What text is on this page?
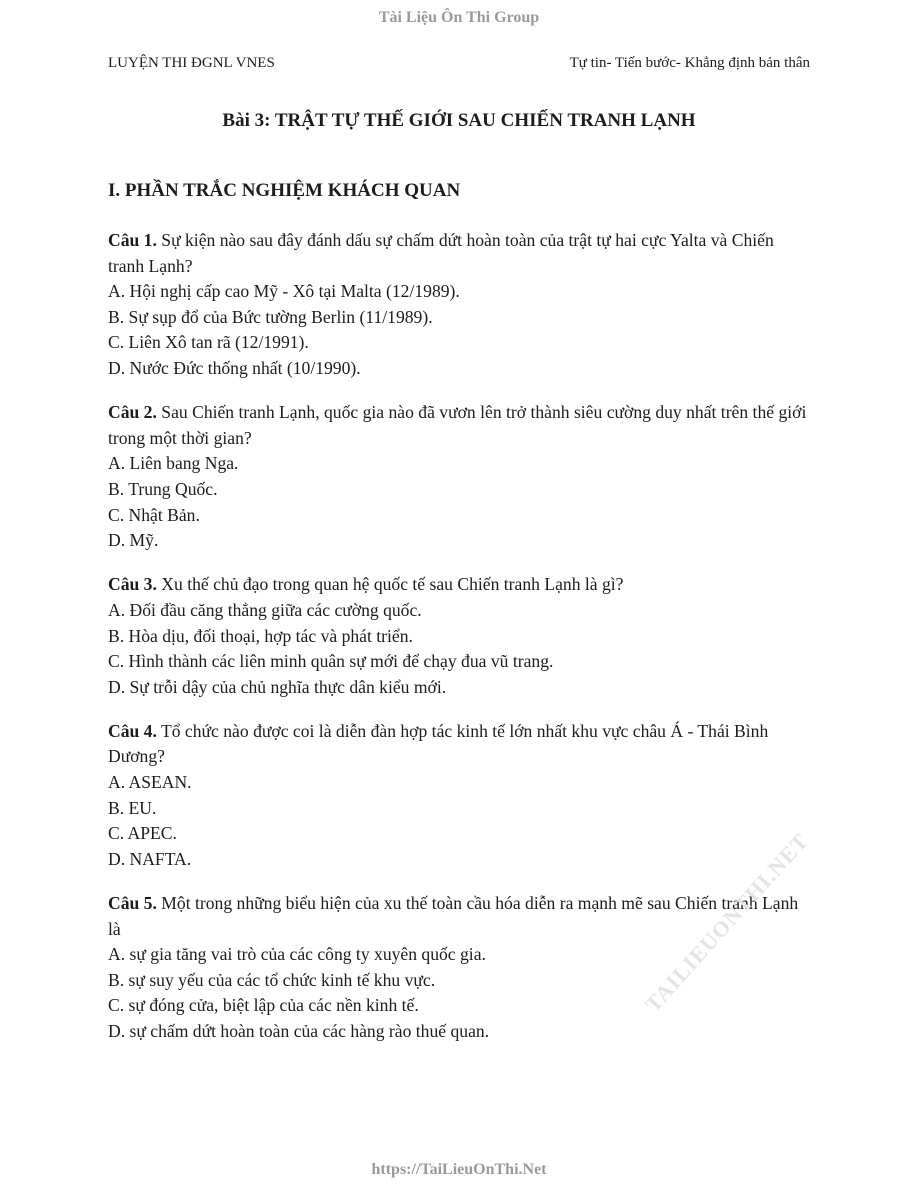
Tài Liệu Ôn Thi Group
LUYỆN THI ĐGNL VNES	Tự tin- Tiến bước- Khẳng định bản thân
Bài 3: TRẬT TỰ THẾ GIỚI SAU CHIẾN TRANH LẠNH
I. PHẦN TRẮC NGHIỆM KHÁCH QUAN

Câu 1. Sự kiện nào sau đây đánh dấu sự chấm dứt hoàn toàn của trật tự hai cực Yalta và Chiến tranh Lạnh?

A. Hội nghị cấp cao Mỹ - Xô tại Malta (12/1989).

B. Sự sụp đổ của Bức tường Berlin (11/1989).

C. Liên Xô tan rã (12/1991).

D. Nước Đức thống nhất (10/1990).

Câu 2. Sau Chiến tranh Lạnh, quốc gia nào đã vươn lên trở thành siêu cường duy nhất trên thế giới trong một thời gian?

A. Liên bang Nga.

B. Trung Quốc.

C. Nhật Bản.

D. Mỹ.

Câu 3. Xu thế chủ đạo trong quan hệ quốc tế sau Chiến tranh Lạnh là gì?

A. Đối đầu căng thẳng giữa các cường quốc.

B. Hòa dịu, đối thoại, hợp tác và phát triển.

C. Hình thành các liên minh quân sự mới để chạy đua vũ trang.

D. Sự trỗi dậy của chủ nghĩa thực dân kiểu mới.

Câu 4. Tổ chức nào được coi là diễn đàn hợp tác kinh tế lớn nhất khu vực châu Á - Thái Bình Dương?

A. ASEAN.

B. EU.

C. APEC.

D. NAFTA.

Câu 5. Một trong những biểu hiện của xu thế toàn cầu hóa diễn ra mạnh mẽ sau Chiến tranh Lạnh là

A. sự gia tăng vai trò của các công ty xuyên quốc gia.

B. sự suy yếu của các tổ chức kinh tế khu vực.

C. sự đóng cửa, biệt lập của các nền kinh tế.

D. sự chấm dứt hoàn toàn của các hàng rào thuế quan.

TAILIEUONTHI.NET
https://TaiLieuOnThi.Net
